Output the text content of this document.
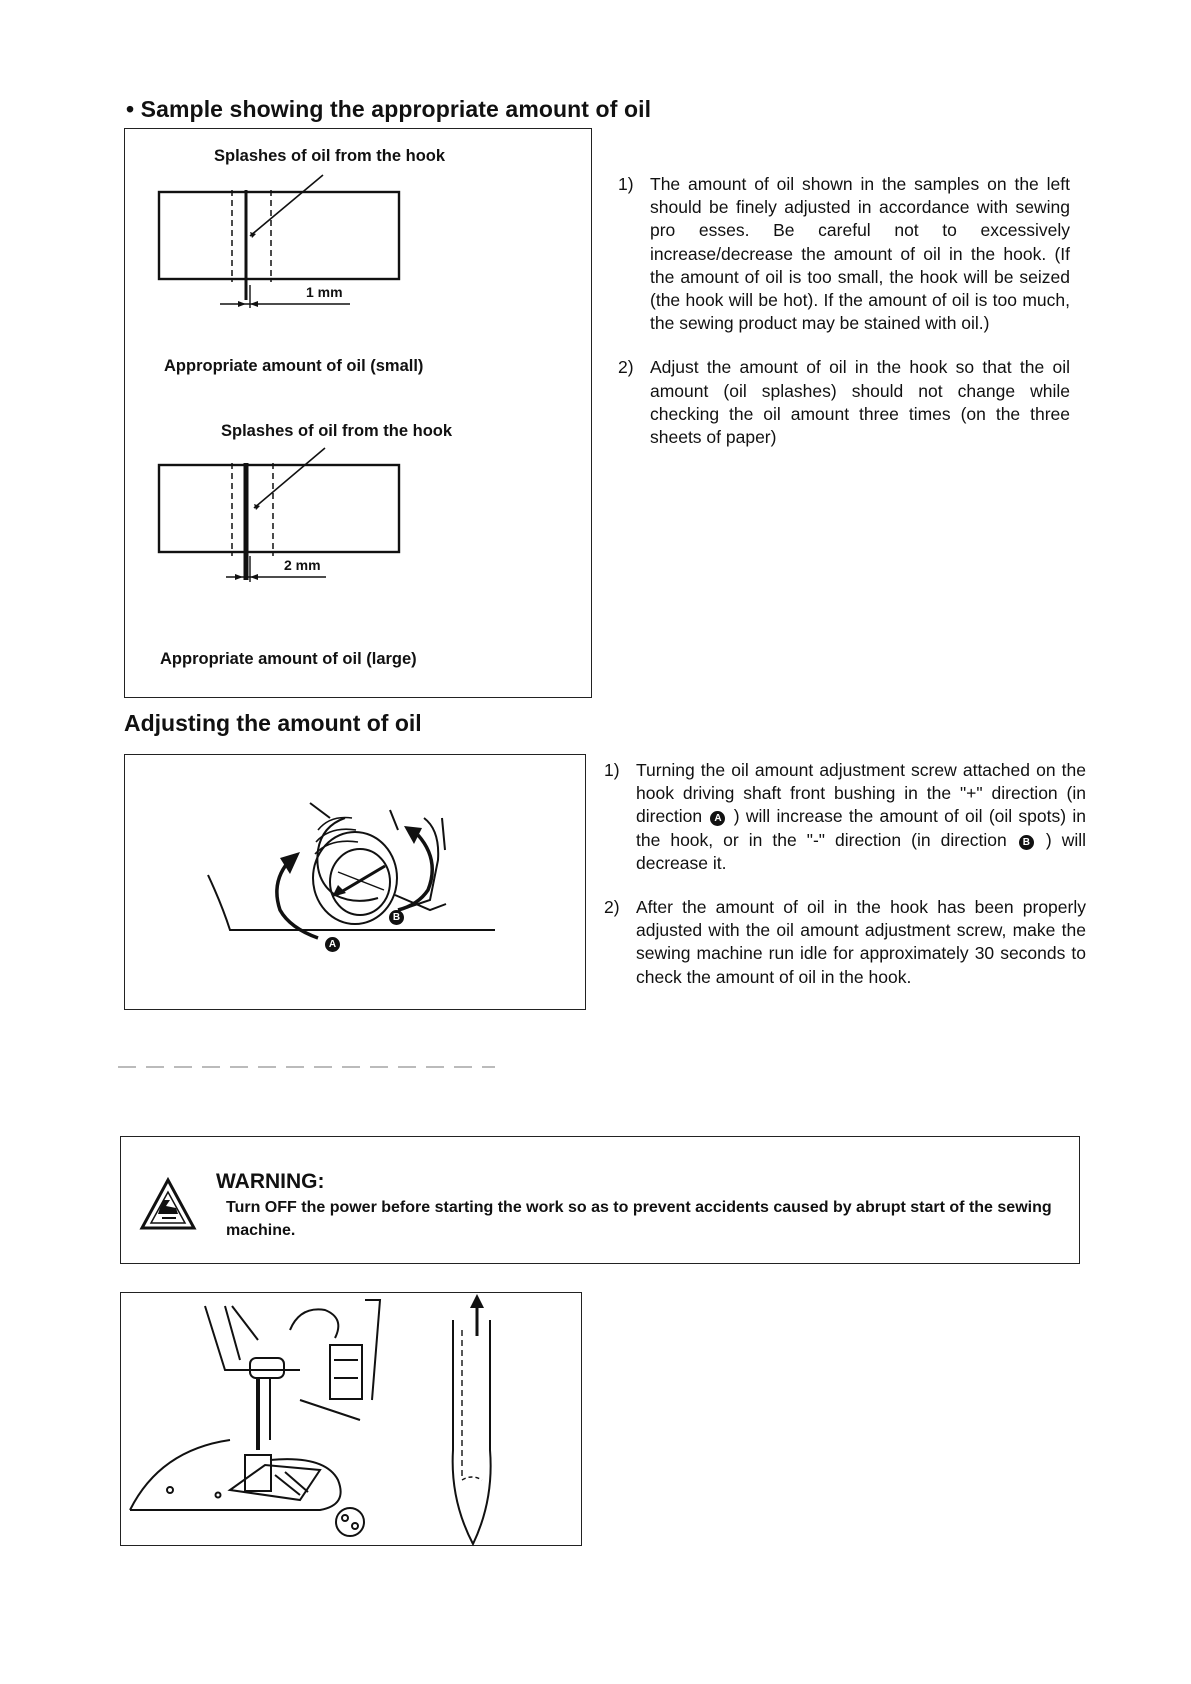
• Sample showing the appropriate amount of oil
Splashes of oil from the hook
Appropriate amount of oil (small)
Splashes of oil from the hook
Appropriate amount of oil (large)
1 mm
2 mm
1) The amount of oil shown in the samples on the left should be finely adjusted in accordance with sewing pro esses. Be careful not to excessively increase/decrease the amount of oil in the hook. (If the amount of oil is too small, the hook will be seized (the hook will be hot). If the amount of oil is too much, the sewing product may be stained with oil.)
2) Adjust the amount of oil in the hook so that the oil amount (oil splashes) should not change while checking the oil amount three times (on the three sheets of paper)
Adjusting the amount of oil
A
B
1) Turning the oil amount adjustment screw attached on the hook driving shaft front bushing in the "+" direction (in direction A ) will increase the amount of oil (oil spots) in the hook, or in the "-" direction (in direction B ) will decrease it.
2) After the amount of oil in the hook has been properly adjusted with the oil amount adjustment screw, make the sewing machine run idle for approximately 30 seconds to check the amount of oil in the hook.
WARNING:
Turn OFF the power before starting the work so as to prevent accidents caused by abrupt start of the sewing machine.
